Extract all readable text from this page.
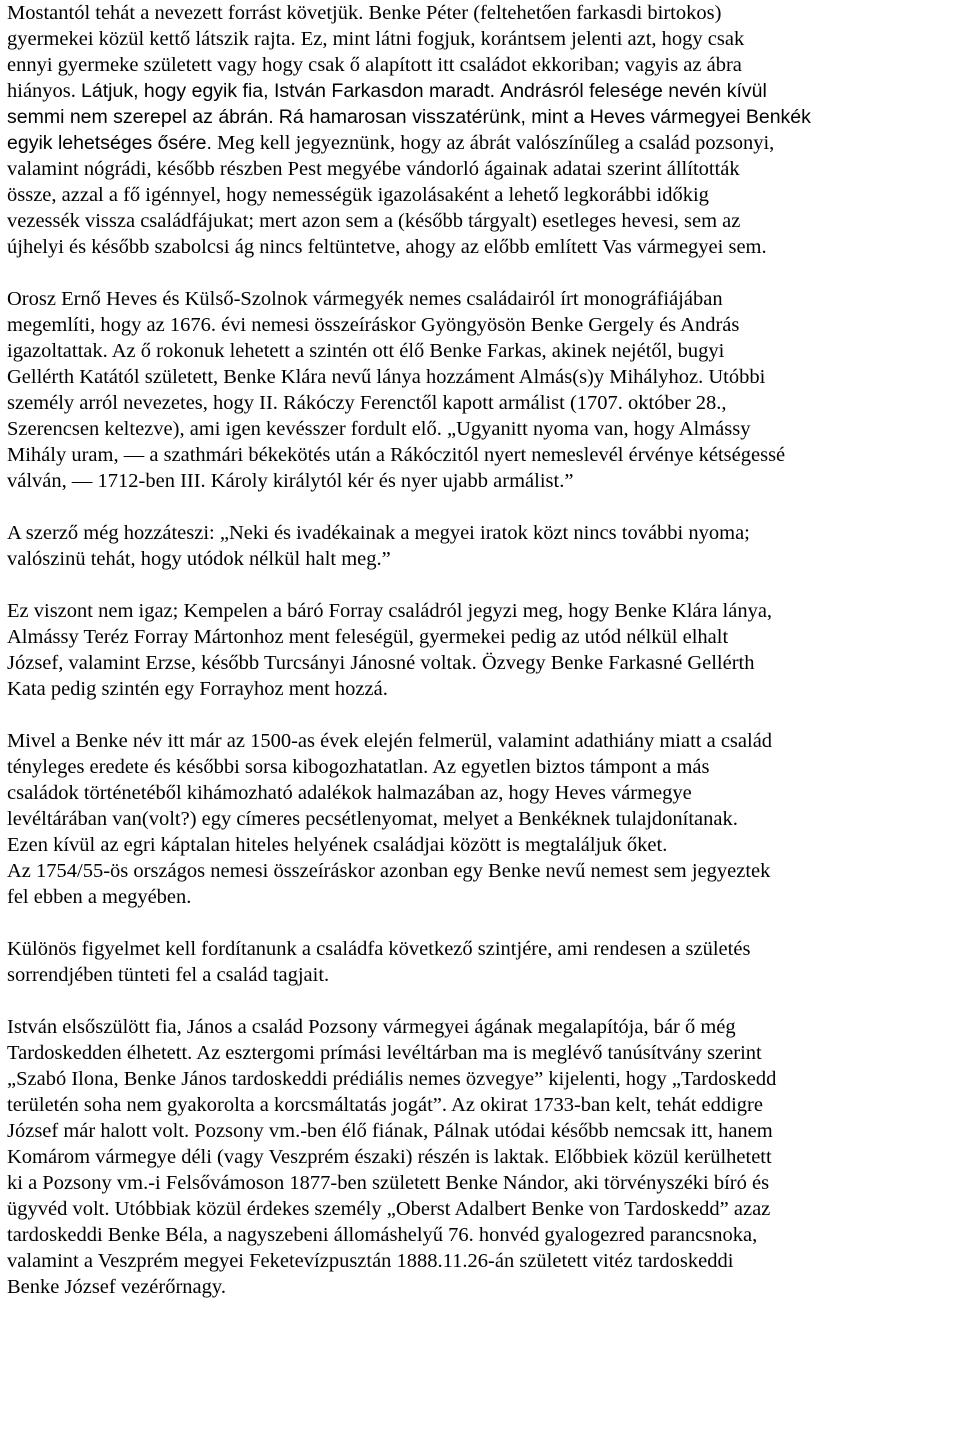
Mostantól tehát a nevezett forrást követjük. Benke Péter (feltehetően farkasdi birtokos)
gyermekei közül kettő látszik rajta. Ez, mint látni fogjuk, korántsem jelenti azt, hogy csak
ennyi gyermeke született vagy hogy csak ő alapított itt családot ekkoriban; vagyis az ábra
hiányos. Látjuk, hogy egyik fia, István Farkasdon maradt. Andrásról felesége nevén kívül
semmi nem szerepel az ábrán. Rá hamarosan visszatérünk, mint a Heves vármegyei Benkék
egyik lehetséges ősére. Meg kell jegyeznünk, hogy az ábrát valószínűleg a család pozsonyi,
valamint nógrádi, később részben Pest megyébe vándorló ágainak adatai szerint állították
össze, azzal a fő igénnyel, hogy nemességük igazolásaként a lehető legkorábbi időkig
vezessék vissza családfájukat; mert azon sem a (később tárgyalt) esetleges hevesi, sem az
újhelyi és később szabolcsi ág nincs feltüntetve, ahogy az előbb említett Vas vármegyei sem.

Orosz Ernő Heves és Külső-Szolnok vármegyék nemes családairól írt monográfiájában
megemlíti, hogy az 1676. évi nemesi összeíráskor Gyöngyösön Benke Gergely és András
igazoltattak. Az ő rokonuk lehetett a szintén ott élő Benke Farkas, akinek nejétől, bugyi
Gellérth Katától született, Benke Klára nevű lánya hozzáment Almás(s)y Mihályhoz. Utóbbi
személy arról nevezetes, hogy II. Rákóczy Ferenctől kapott armálist (1707. október 28.,
Szerencsen keltezve), ami igen kevésszer fordult elő. „Ugyanitt nyoma van, hogy Almássy
Mihály uram, ― a szathmári békekötés után a Rákóczitól nyert nemeslevél érvénye kétségessé
válván, ― 1712-ben III. Károly királytól kér és nyer ujabb armálist.”

A szerző még hozzáteszi: „Neki és ivadékainak a megyei iratok közt nincs további nyoma;
valószinü tehát, hogy utódok nélkül halt meg.”

Ez viszont nem igaz; Kempelen a báró Forray családról jegyzi meg, hogy Benke Klára lánya,
Almássy Teréz Forray Mártonhoz ment feleségül, gyermekei pedig az utód nélkül elhalt
József, valamint Erzse, később Turcsányi Jánosné voltak. Özvegy Benke Farkasné Gellérth
Kata pedig szintén egy Forrayhoz ment hozzá.

Mivel a Benke név itt már az 1500-as évek elején felmerül, valamint adathiány miatt a család
tényleges eredete és későbbi sorsa kibogozhatatlan. Az egyetlen biztos támpont a más
családok történetéből kihámozható adalékok halmazában az, hogy Heves vármegye
levéltárában van(volt?) egy címeres pecsétlenyomat, melyet a Benkéknek tulajdonítanak.
Ezen kívül az egri káptalan hiteles helyének családjai között is megtaláljuk őket.

Az 1754/55-ös országos nemesi összeíráskor azonban egy Benke nevű nemest sem jegyeztek
fel ebben a megyében.

Különös figyelmet kell fordítanunk a családfa következő szintjére, ami rendesen a születés
sorrendjében tünteti fel a család tagjait.

István elsőszülött fia, János a család Pozsony vármegyei ágának megalapítója, bár ő még
Tardoskedden élhetett. Az esztergomi prímási levéltárban ma is meglévő tanúsítvány szerint
„Szabó Ilona, Benke János tardoskeddi prédiális nemes özvegye” kijelenti, hogy „Tardoskedd
területén soha nem gyakorolta a korcsmáltatás jogát”. Az okirat 1733-ban kelt, tehát eddigre
József már halott volt. Pozsony vm.-ben élő fiának, Pálnak utódai később nemcsak itt, hanem
Komárom vármegye déli (vagy Veszprém északi) részén is laktak. Előbbiek közül kerülhetett
ki a Pozsony vm.-i Felsővámoson 1877-ben született Benke Nándor, aki törvényszéki bíró és
ügyvéd volt. Utóbbiak közül érdekes személy „Oberst Adalbert Benke von Tardoskedd” azaz
tardoskeddi Benke Béla, a nagyszebeni állomáshelyű 76. honvéd gyalogezred parancsnoka,
valamint a Veszprém megyei Feketevízpusztán 1888.11.26-án született vitéz tardoskeddi
Benke József vezérőrnagy.
